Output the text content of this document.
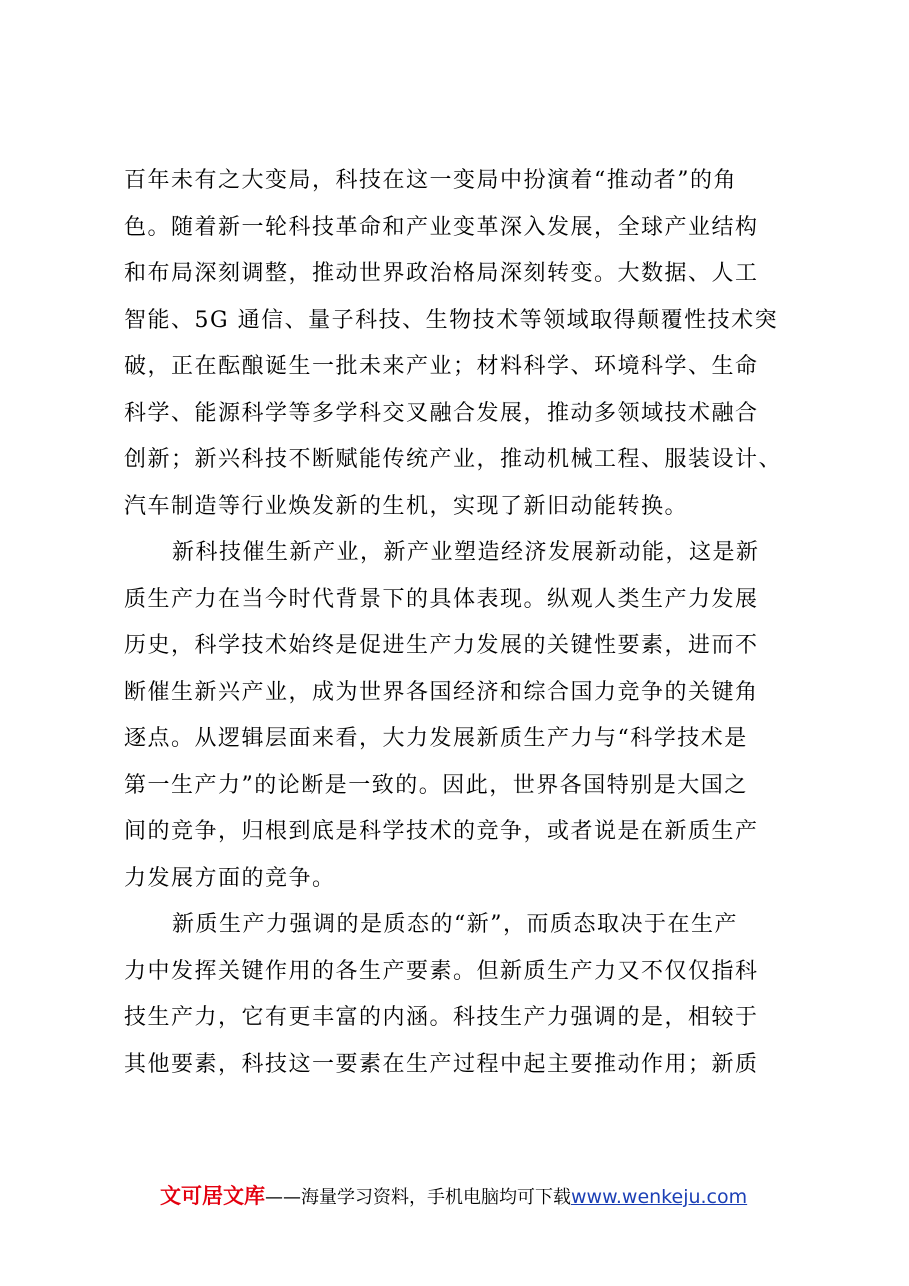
百年未有之大变局，科技在这一变局中扮演着“推动者”的角
色。随着新一轮科技革命和产业变革深入发展，全球产业结构
和布局深刻调整，推动世界政治格局深刻转变。大数据、人工
智能、5G 通信、量子科技、生物技术等领域取得颠覆性技术突
破，正在酝酿诞生一批未来产业；材料科学、环境科学、生命
科学、能源科学等多学科交叉融合发展，推动多领域技术融合
创新；新兴科技不断赋能传统产业，推动机械工程、服装设计、
汽车制造等行业焕发新的生机，实现了新旧动能转换。
新科技催生新产业，新产业塑造经济发展新动能，这是新
质生产力在当今时代背景下的具体表现。纵观人类生产力发展
历史，科学技术始终是促进生产力发展的关键性要素，进而不
断催生新兴产业，成为世界各国经济和综合国力竞争的关键角
逐点。从逻辑层面来看，大力发展新质生产力与“科学技术是
第一生产力”的论断是一致的。因此，世界各国特别是大国之
间的竞争，归根到底是科学技术的竞争，或者说是在新质生产
力发展方面的竞争。
新质生产力强调的是质态的“新”，而质态取决于在生产
力中发挥关键作用的各生产要素。但新质生产力又不仅仅指科
技生产力，它有更丰富的内涵。科技生产力强调的是，相较于
其他要素，科技这一要素在生产过程中起主要推动作用；新质
文可居文库——海量学习资料，手机电脑均可下载www.wenkeju.com
